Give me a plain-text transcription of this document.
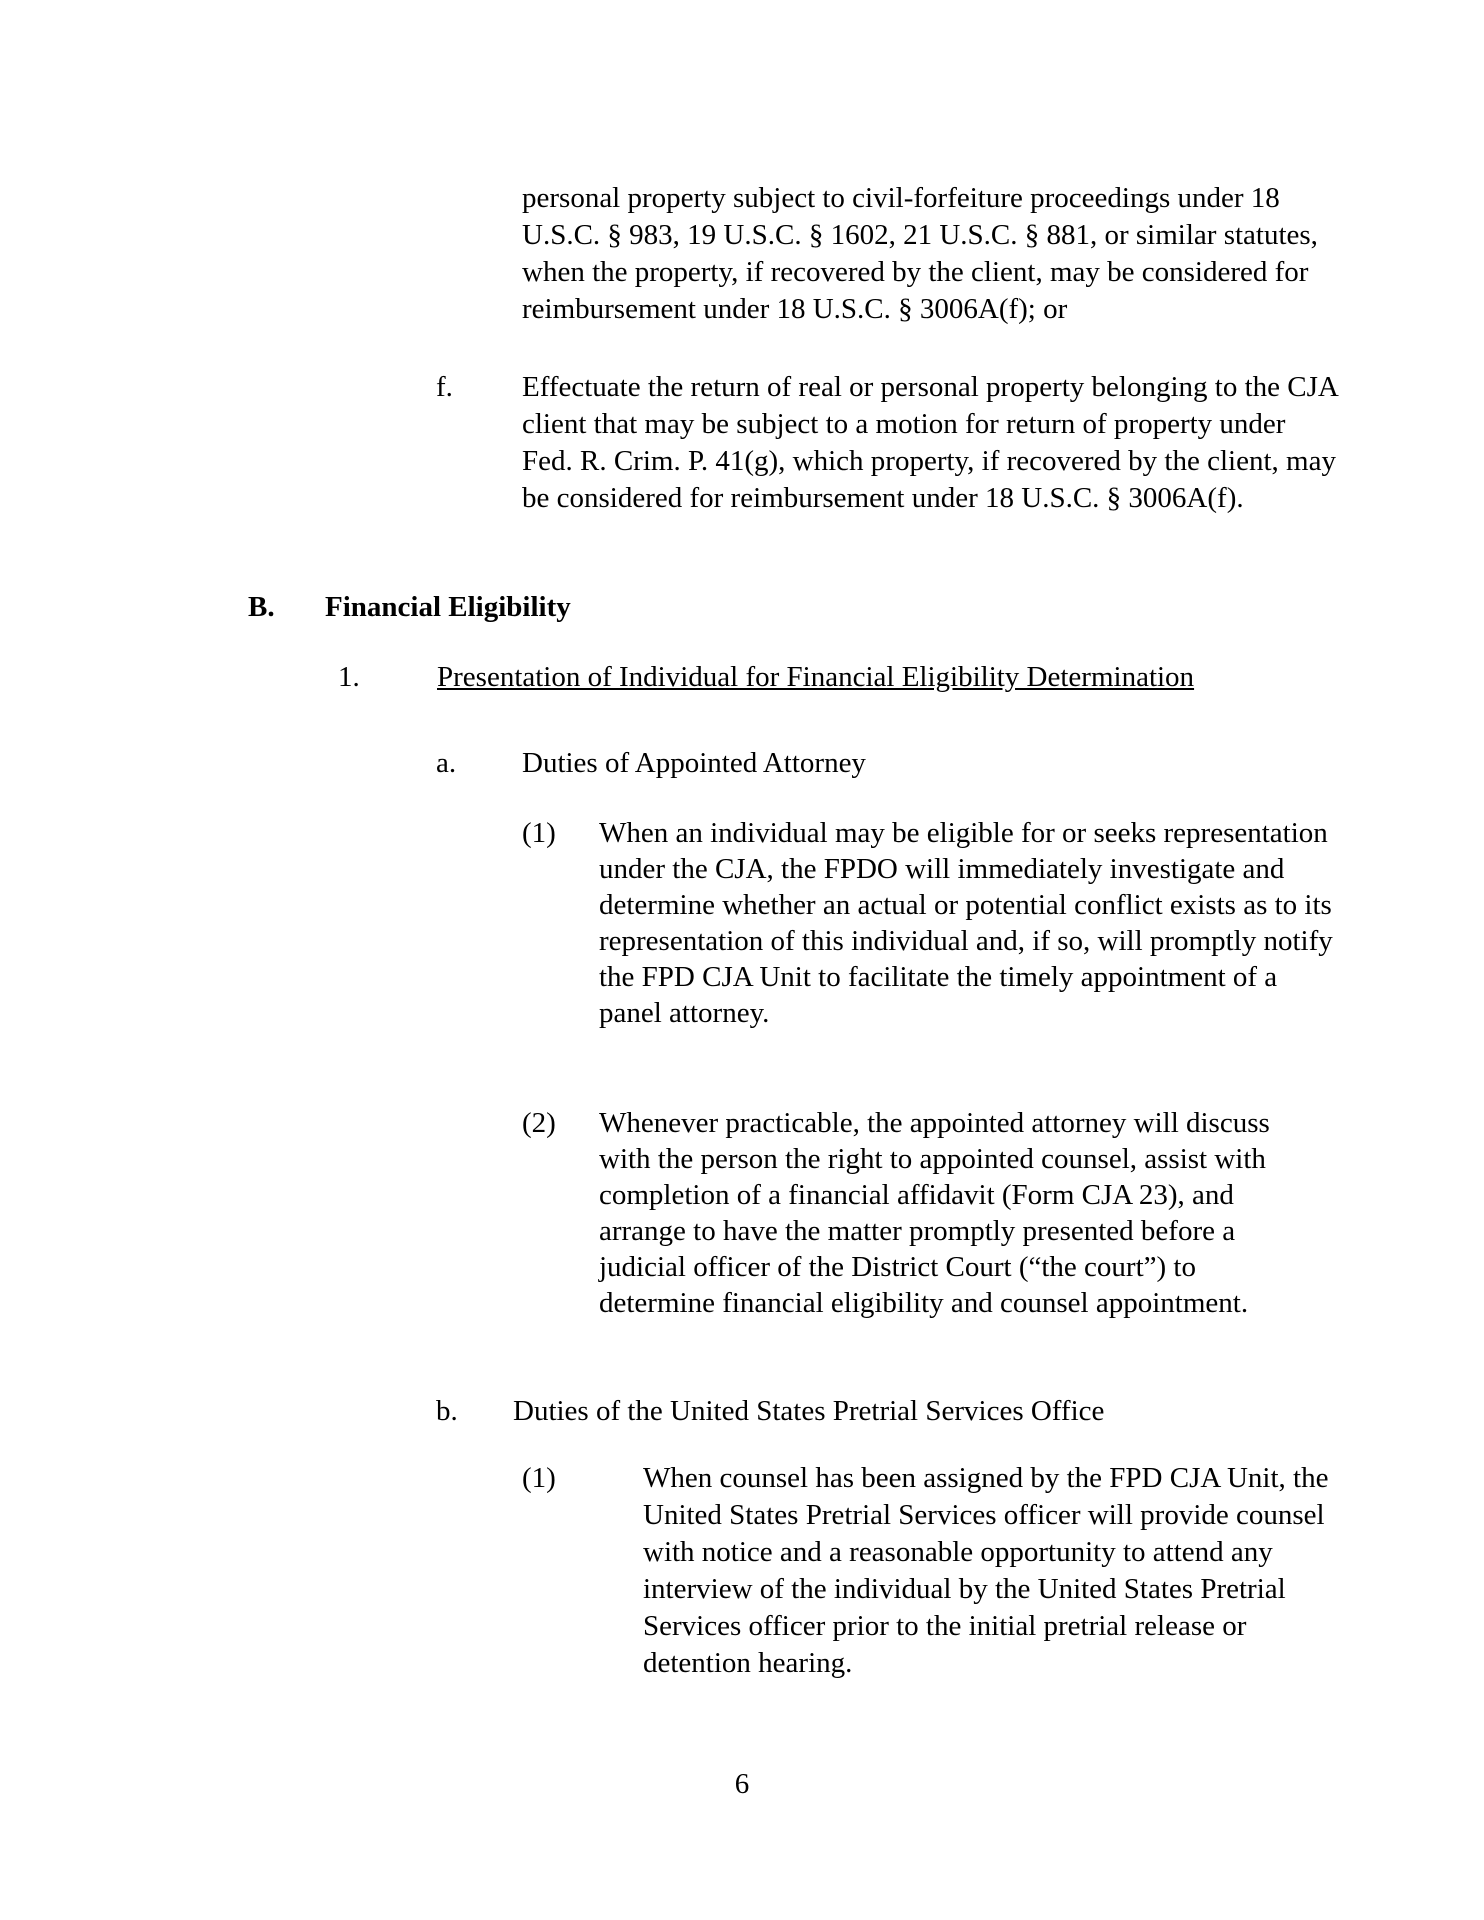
personal property subject to civil-forfeiture proceedings under 18 U.S.C. § 983, 19 U.S.C. § 1602, 21 U.S.C. § 881, or similar statutes, when the property, if recovered by the client, may be considered for reimbursement under 18 U.S.C. § 3006A(f); or

f. Effectuate the return of real or personal property belonging to the CJA client that may be subject to a motion for return of property under Fed. R. Crim. P. 41(g), which property, if recovered by the client, may be considered for reimbursement under 18 U.S.C. § 3006A(f).

B. Financial Eligibility
1.	Presentation of Individual for Financial Eligibility Determination
a. Duties of Appointed Attorney
(1) When an individual may be eligible for or seeks representation under the CJA, the FPDO will immediately investigate and determine whether an actual or potential conflict exists as to its representation of this individual and, if so, will promptly notify the FPD CJA Unit to facilitate the timely appointment of a panel attorney.

(2) Whenever practicable, the appointed attorney will discuss with the person the right to appointed counsel, assist with completion of a financial affidavit (Form CJA 23), and arrange to have the matter promptly presented before a judicial officer of the District Court (“the court”) to determine financial eligibility and counsel appointment.

b. Duties of the United States Pretrial Services Office
(1)	When counsel has been assigned by the FPD CJA Unit, the United States Pretrial Services officer will provide counsel with notice and a reasonable opportunity to attend any interview of the individual by the United States Pretrial Services officer prior to the initial pretrial release or detention hearing.

6
